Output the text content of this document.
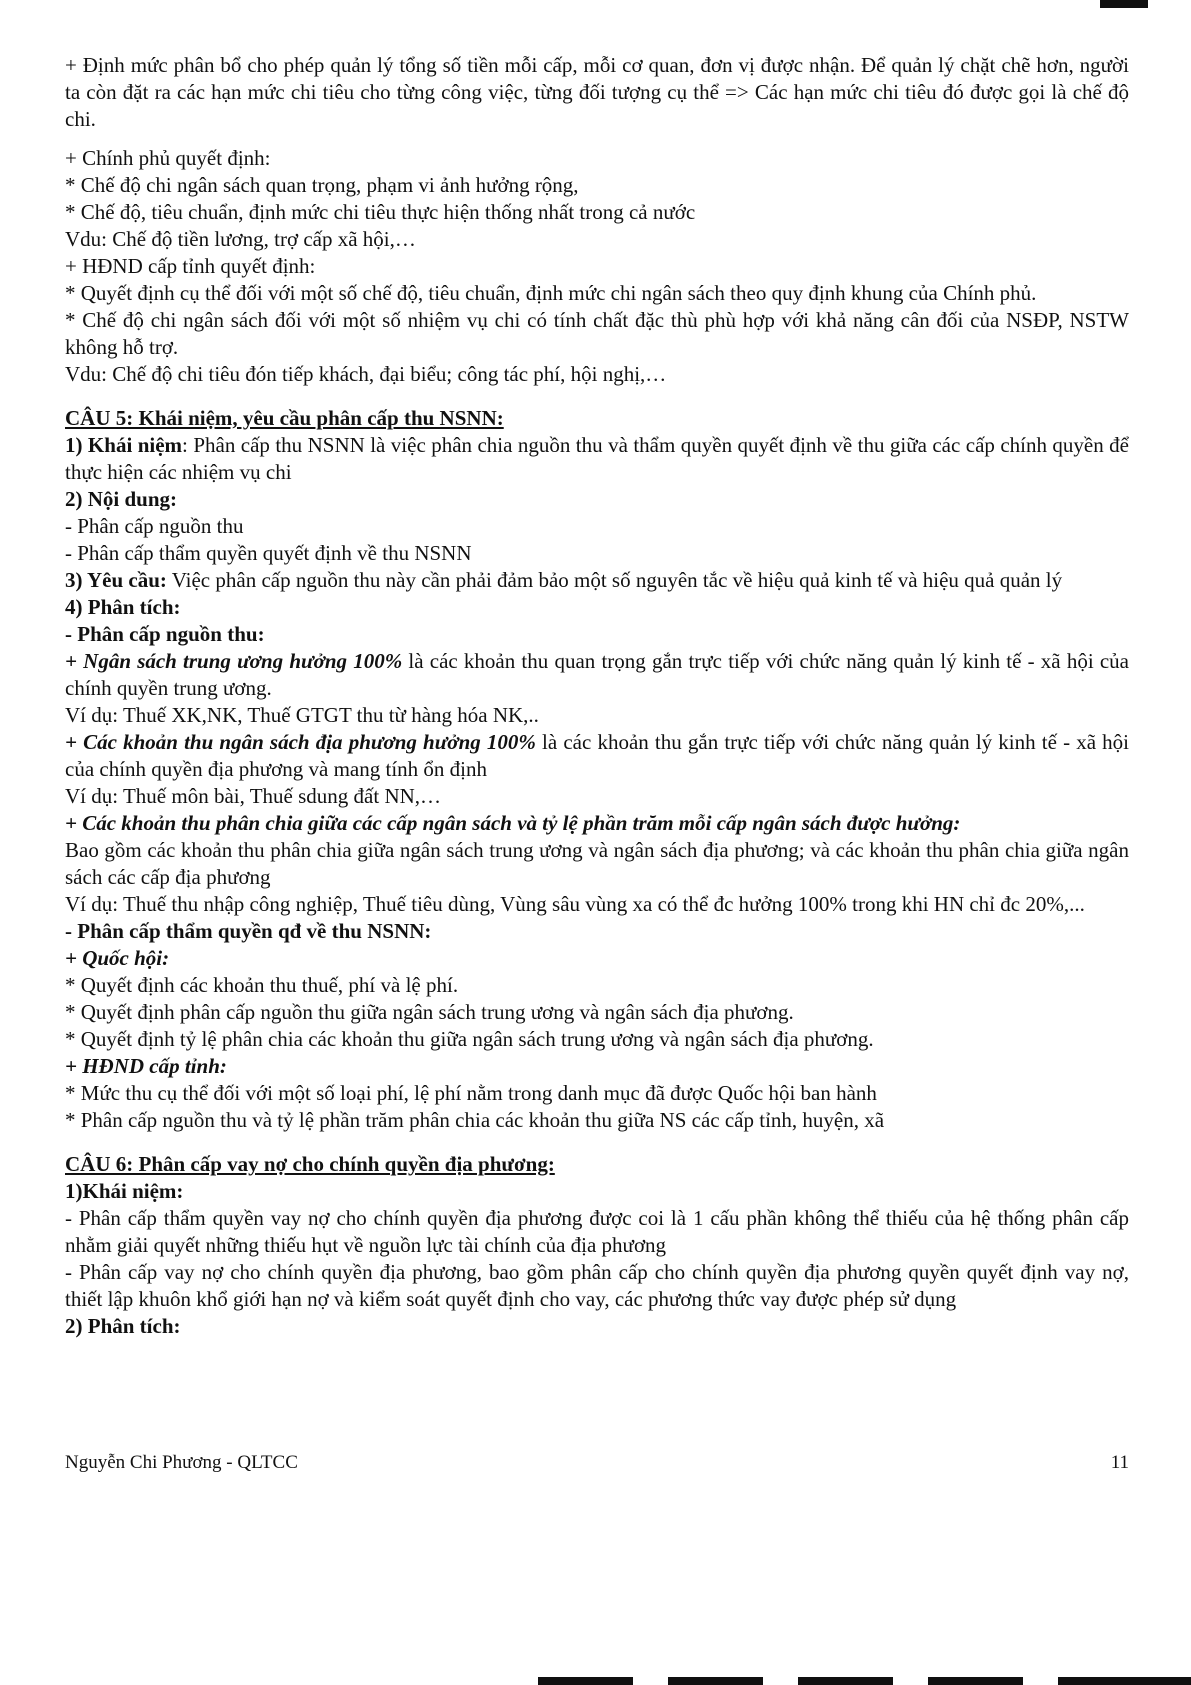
+ Định mức phân bổ cho phép quản lý tổng số tiền mỗi cấp, mỗi cơ quan, đơn vị được nhận. Để quản lý chặt chẽ hơn, người ta còn đặt ra các hạn mức chi tiêu cho từng công việc, từng đối tượng cụ thể => Các hạn mức chi tiêu đó được gọi là chế độ chi.

+ Chính phủ quyết định:

* Chế độ chi ngân sách quan trọng, phạm vi ảnh hưởng rộng,

* Chế độ, tiêu chuẩn, định mức chi tiêu thực hiện thống nhất trong cả nước

Vdu: Chế độ tiền lương, trợ cấp xã hội,…

+ HĐND cấp tỉnh quyết định:

* Quyết định cụ thể đối với một số chế độ, tiêu chuẩn, định mức chi ngân sách theo quy định khung của Chính phủ.

* Chế độ chi ngân sách đối với một số nhiệm vụ chi có tính chất đặc thù phù hợp với khả năng cân đối của NSĐP, NSTW không hỗ trợ.

Vdu: Chế độ chi tiêu đón tiếp khách, đại biểu; công tác phí, hội nghị,…

CÂU 5: Khái niệm, yêu cầu phân cấp thu NSNN:

1) Khái niệm: Phân cấp thu NSNN là việc phân chia nguồn thu và thẩm quyền quyết định về thu giữa các cấp chính quyền để thực hiện các nhiệm vụ chi

2) Nội dung:

- Phân cấp nguồn thu

- Phân cấp thẩm quyền quyết định về thu NSNN

3) Yêu cầu: Việc phân cấp nguồn thu này cần phải đảm bảo một số nguyên tắc về hiệu quả kinh tế và hiệu quả quản lý

4) Phân tích:

- Phân cấp nguồn thu:

+ Ngân sách trung ương hưởng 100% là các khoản thu quan trọng gắn trực tiếp với chức năng quản lý kinh tế - xã hội của chính quyền trung ương.

Ví dụ: Thuế XK,NK, Thuế GTGT thu từ hàng hóa NK,..

+ Các khoản thu ngân sách địa phương hưởng 100% là các khoản thu gắn trực tiếp với chức năng quản lý kinh tế - xã hội của chính quyền địa phương và mang tính ổn định

Ví dụ: Thuế môn bài, Thuế sdung đất NN,…

+ Các khoản thu phân chia giữa các cấp ngân sách và tỷ lệ phần trăm mỗi cấp ngân sách được hưởng:

Bao gồm các khoản thu phân chia giữa ngân sách trung ương và ngân sách địa phương; và các khoản thu phân chia giữa ngân sách các cấp địa phương

Ví dụ: Thuế thu nhập công nghiệp, Thuế tiêu dùng, Vùng sâu vùng xa có thể đc hưởng 100% trong khi HN chỉ đc 20%,...

- Phân cấp thẩm quyền qđ về thu NSNN:

+ Quốc hội:

* Quyết định các khoản thu thuế, phí và lệ phí.

* Quyết định phân cấp nguồn thu giữa ngân sách trung ương và ngân sách địa phương.

* Quyết định tỷ lệ phân chia các khoản thu giữa ngân sách trung ương và ngân sách địa phương.

+ HĐND cấp tỉnh:

* Mức thu cụ thể đối với một số loại phí, lệ phí nằm trong danh mục đã được Quốc hội ban hành

* Phân cấp nguồn thu và tỷ lệ phần trăm phân chia các khoản thu giữa NS các cấp tỉnh, huyện, xã

CÂU 6: Phân cấp vay nợ cho chính quyền địa phương:

1)Khái niệm:

- Phân cấp thẩm quyền vay nợ cho chính quyền địa phương được coi là 1 cấu phần không thể thiếu của hệ thống phân cấp nhằm giải quyết những thiếu hụt về nguồn lực tài chính của địa phương

- Phân cấp vay nợ cho chính quyền địa phương, bao gồm phân cấp cho chính quyền địa phương quyền quyết định vay nợ, thiết lập khuôn khổ giới hạn nợ và kiểm soát quyết định cho vay, các phương thức vay được phép sử dụng

2) Phân tích:

Nguyễn Chi Phương - QLTCC	11
